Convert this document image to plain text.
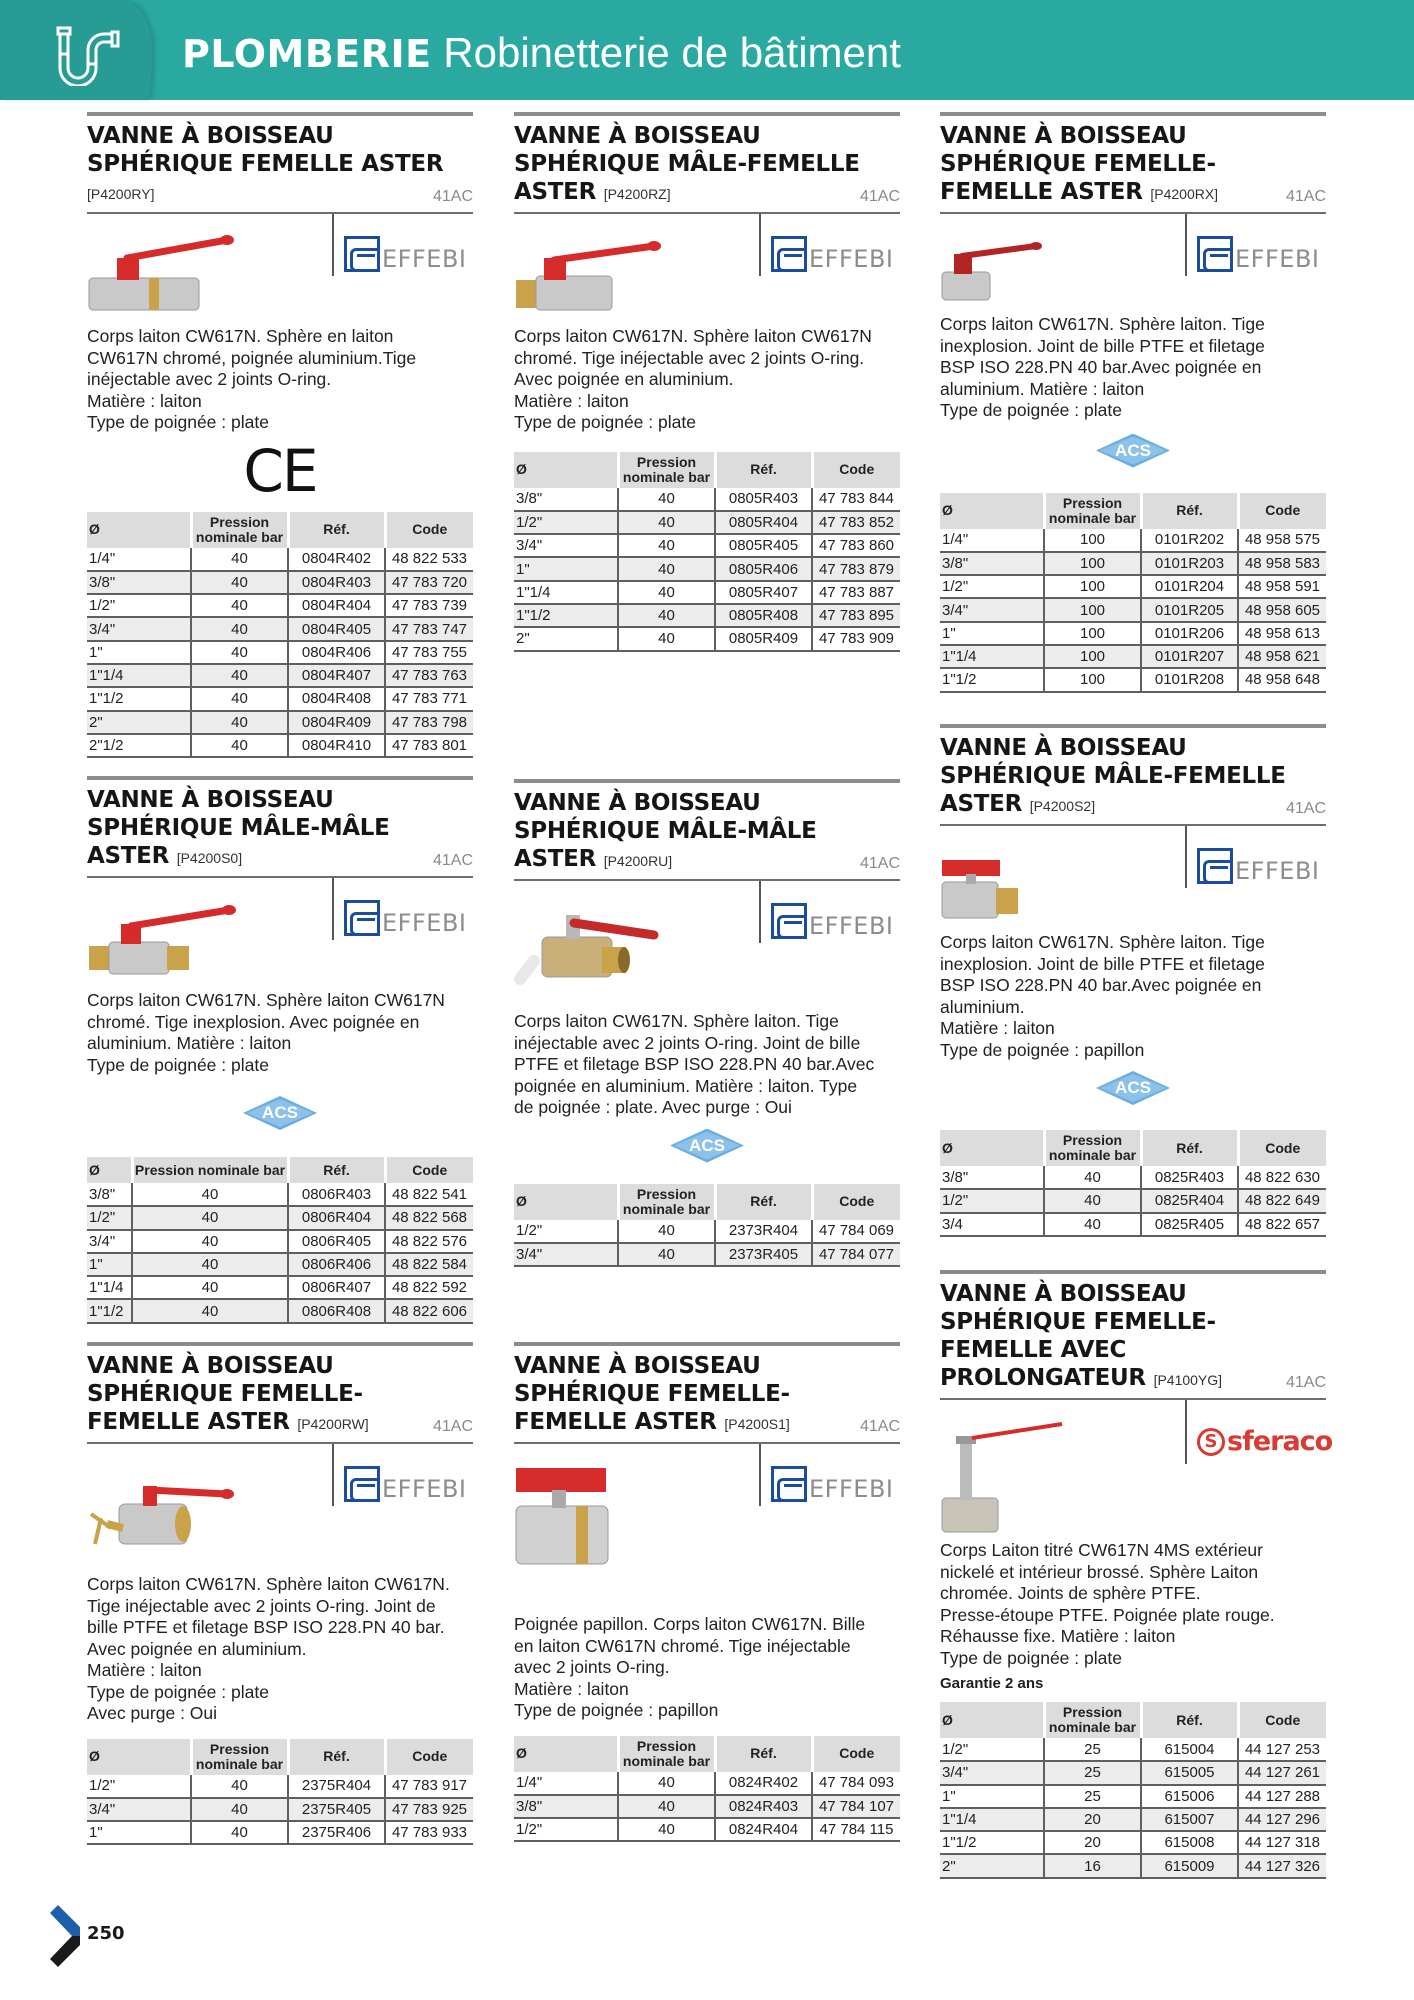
PLOMBERIE Robinetterie de bâtiment
VANNE À BOISSEAU
SPHÉRIQUE FEMELLE ASTER
[P4200RY]	41AC
EFFEBI
Corps laiton CW617N. Sphère en laiton
CW617N chromé, poignée aluminium.Tige
inéjectable avec 2 joints O-ring.
Matière : laiton
Type de poignée : plate
CE
Ø	Pression
nominale bar	Réf.	Code
1/4"	40	0804R402	48 822 533
3/8"	40	0804R403	47 783 720
1/2"	40	0804R404	47 783 739
3/4"	40	0804R405	47 783 747
1"	40	0804R406	47 783 755
1"1/4	40	0804R407	47 783 763
1"1/2	40	0804R408	47 783 771
2"	40	0804R409	47 783 798
2"1/2	40	0804R410	47 783 801
VANNE À BOISSEAU
SPHÉRIQUE MÂLE-FEMELLE
ASTER [P4200RZ]	41AC
EFFEBI
Corps laiton CW617N. Sphère laiton CW617N
chromé. Tige inéjectable avec 2 joints O-ring.
Avec poignée en aluminium.
Matière : laiton
Type de poignée : plate
Ø	Pression
nominale bar	Réf.	Code
3/8"	40	0805R403	47 783 844
1/2"	40	0805R404	47 783 852
3/4"	40	0805R405	47 783 860
1"	40	0805R406	47 783 879
1"1/4	40	0805R407	47 783 887
1"1/2	40	0805R408	47 783 895
2"	40	0805R409	47 783 909
VANNE À BOISSEAU
SPHÉRIQUE FEMELLE-
FEMELLE ASTER [P4200RX]	41AC
EFFEBI
Corps laiton CW617N. Sphère laiton. Tige
inexplosion. Joint de bille PTFE et filetage
BSP ISO 228.PN 40 bar.Avec poignée en
aluminium. Matière : laiton
Type de poignée : plate
ACS
Ø	Pression
nominale bar	Réf.	Code
1/4"	100	0101R202	48 958 575
3/8"	100	0101R203	48 958 583
1/2"	100	0101R204	48 958 591
3/4"	100	0101R205	48 958 605
1"	100	0101R206	48 958 613
1"1/4	100	0101R207	48 958 621
1"1/2	100	0101R208	48 958 648
VANNE À BOISSEAU
SPHÉRIQUE MÂLE-MÂLE
ASTER [P4200S0]	41AC
EFFEBI
Corps laiton CW617N. Sphère laiton CW617N
chromé. Tige inexplosion. Avec poignée en
aluminium. Matière : laiton
Type de poignée : plate
ACS
Ø	Pression nominale bar	Réf.	Code
3/8"	40	0806R403	48 822 541
1/2"	40	0806R404	48 822 568
3/4"	40	0806R405	48 822 576
1"	40	0806R406	48 822 584
1"1/4	40	0806R407	48 822 592
1"1/2	40	0806R408	48 822 606
VANNE À BOISSEAU
SPHÉRIQUE MÂLE-MÂLE
ASTER [P4200RU]	41AC
EFFEBI
Corps laiton CW617N. Sphère laiton. Tige
inéjectable avec 2 joints O-ring. Joint de bille
PTFE et filetage BSP ISO 228.PN 40 bar.Avec
poignée en aluminium. Matière : laiton. Type
de poignée : plate. Avec purge : Oui
ACS
Ø	Pression
nominale bar	Réf.	Code
1/2"	40	2373R404	47 784 069
3/4"	40	2373R405	47 784 077
VANNE À BOISSEAU
SPHÉRIQUE MÂLE-FEMELLE
ASTER [P4200S2]	41AC
EFFEBI
Corps laiton CW617N. Sphère laiton. Tige
inexplosion. Joint de bille PTFE et filetage
BSP ISO 228.PN 40 bar.Avec poignée en
aluminium.
Matière : laiton
Type de poignée : papillon
ACS
Ø	Pression
nominale bar	Réf.	Code
3/8"	40	0825R403	48 822 630
1/2"	40	0825R404	48 822 649
3/4	40	0825R405	48 822 657
VANNE À BOISSEAU
SPHÉRIQUE FEMELLE-
FEMELLE ASTER [P4200RW]	41AC
EFFEBI
Corps laiton CW617N. Sphère laiton CW617N.
Tige inéjectable avec 2 joints O-ring. Joint de
bille PTFE et filetage BSP ISO 228.PN 40 bar.
Avec poignée en aluminium.
Matière : laiton
Type de poignée : plate
Avec purge : Oui
Ø	Pression
nominale bar	Réf.	Code
1/2"	40	2375R404	47 783 917
3/4"	40	2375R405	47 783 925
1"	40	2375R406	47 783 933
VANNE À BOISSEAU
SPHÉRIQUE FEMELLE-
FEMELLE ASTER [P4200S1]	41AC
EFFEBI
Poignée papillon. Corps laiton CW617N. Bille
en laiton CW617N chromé. Tige inéjectable
avec 2 joints O-ring.
Matière : laiton
Type de poignée : papillon
Ø	Pression
nominale bar	Réf.	Code
1/4"	40	0824R402	47 784 093
3/8"	40	0824R403	47 784 107
1/2"	40	0824R404	47 784 115
VANNE À BOISSEAU
SPHÉRIQUE FEMELLE-
FEMELLE AVEC
PROLONGATEUR [P4100YG]	41AC
S sferaco
Corps Laiton titré CW617N 4MS extérieur
nickelé et intérieur brossé. Sphère Laiton
chromée. Joints de sphère PTFE.
Presse-étoupe PTFE. Poignée plate rouge.
Réhausse fixe. Matière : laiton
Type de poignée : plate
Garantie 2 ans
Ø	Pression
nominale bar	Réf.	Code
1/2"	25	615004	44 127 253
3/4"	25	615005	44 127 261
1"	25	615006	44 127 288
1"1/4	20	615007	44 127 296
1"1/2	20	615008	44 127 318
2"	16	615009	44 127 326
250
